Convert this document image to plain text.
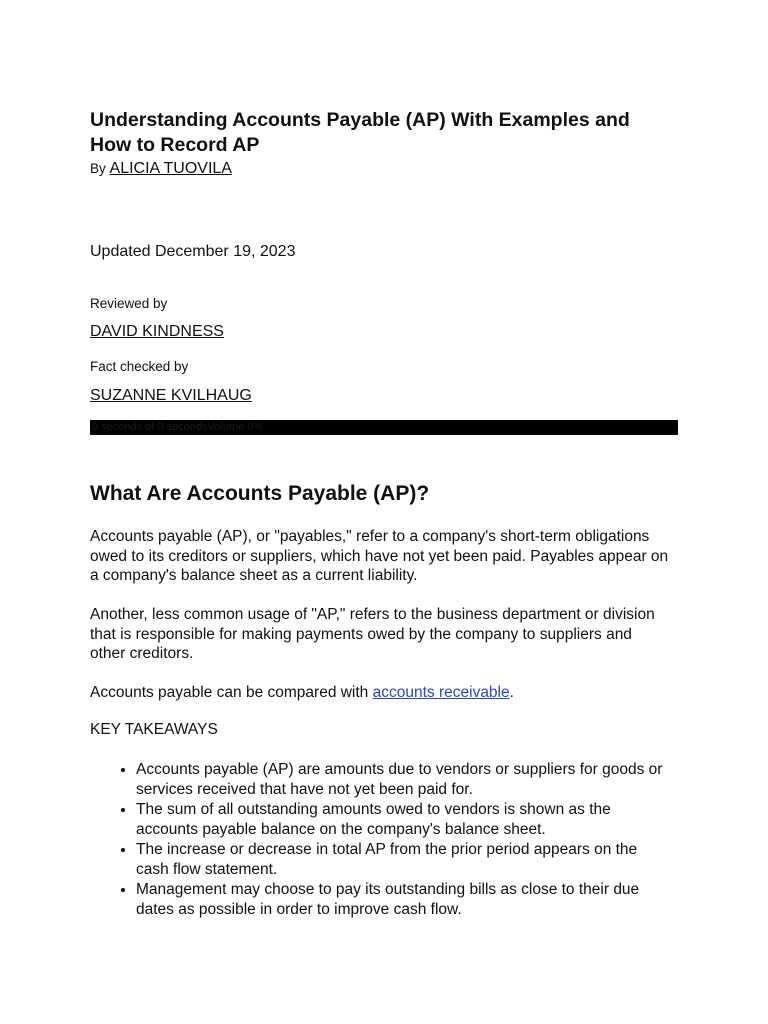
Understanding Accounts Payable (AP) With Examples and How to Record AP
By ALICIA TUOVILA
Updated December 19, 2023
Reviewed by
DAVID KINDNESS
Fact checked by
SUZANNE KVILHAUG
0 seconds of 0 secondsVolume 0%
What Are Accounts Payable (AP)?

Accounts payable (AP), or "payables," refer to a company's short-term obligations owed to its creditors or suppliers, which have not yet been paid. Payables appear on a company's balance sheet as a current liability.

Another, less common usage of "AP," refers to the business department or division that is responsible for making payments owed by the company to suppliers and other creditors.

Accounts payable can be compared with accounts receivable.

KEY TAKEAWAYS
• Accounts payable (AP) are amounts due to vendors or suppliers for goods or services received that have not yet been paid for.
• The sum of all outstanding amounts owed to vendors is shown as the accounts payable balance on the company's balance sheet.
• The increase or decrease in total AP from the prior period appears on the cash flow statement.
• Management may choose to pay its outstanding bills as close to their due dates as possible in order to improve cash flow.
